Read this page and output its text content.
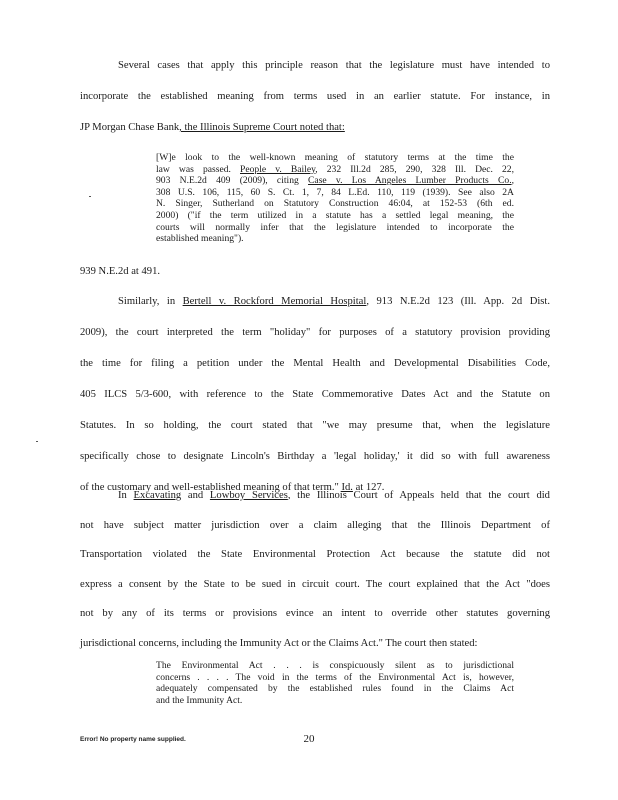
Several cases that apply this principle reason that the legislature must have intended to
incorporate the established meaning from terms used in an earlier statute. For instance, in
JP Morgan Chase Bank, the Illinois Supreme Court noted that:
[W]e look to the well-known meaning of statutory terms at the time the
law was passed. People v. Bailey, 232 Ill.2d 285, 290, 328 Ill. Dec. 22,
903 N.E.2d 409 (2009), citing Case v. Los Angeles Lumber Products Co.,
308 U.S. 106, 115, 60 S. Ct. 1, 7, 84 L.Ed. 110, 119 (1939). See also 2A
N. Singer, Sutherland on Statutory Construction 46:04, at 152-53 (6th ed.
2000) ("if the term utilized in a statute has a settled legal meaning, the
courts will normally infer that the legislature intended to incorporate the
established meaning").
939 N.E.2d at 491.
Similarly, in Bertell v. Rockford Memorial Hospital, 913 N.E.2d 123 (Ill. App. 2d Dist.
2009), the court interpreted the term "holiday" for purposes of a statutory provision providing
the time for filing a petition under the Mental Health and Developmental Disabilities Code,
405 ILCS 5/3-600, with reference to the State Commemorative Dates Act and the Statute on
Statutes. In so holding, the court stated that "we may presume that, when the legislature
specifically chose to designate Lincoln's Birthday a 'legal holiday,' it did so with full awareness
of the customary and well-established meaning of that term." Id. at 127.
In Excavating and Lowboy Services, the Illinois Court of Appeals held that the court did
not have subject matter jurisdiction over a claim alleging that the Illinois Department of
Transportation violated the State Environmental Protection Act because the statute did not
express a consent by the State to be sued in circuit court. The court explained that the Act "does
not by any of its terms or provisions evince an intent to override other statutes governing
jurisdictional concerns, including the Immunity Act or the Claims Act." The court then stated:
The Environmental Act . . . is conspicuously silent as to jurisdictional
concerns . . . . The void in the terms of the Environmental Act is, however,
adequately compensated by the established rules found in the Claims Act
and the Immunity Act.
Error! No property name supplied.	20
